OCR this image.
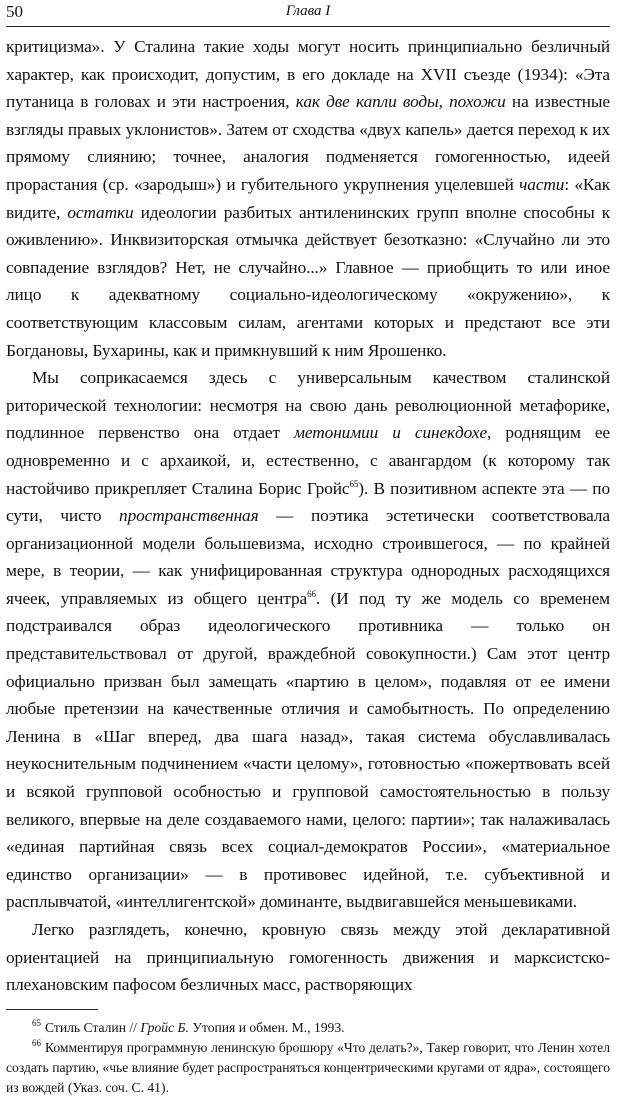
50	Глава I

критицизма». У Сталина такие ходы могут носить принципиально безличный характер, как происходит, допустим, в его докладе на XVII съезде (1934): «Эта путаница в головах и эти настроения, как две капли воды, похожи на известные взгляды правых уклонистов». Затем от сходства «двух капель» дается переход к их прямому слиянию; точнее, аналогия подменяется гомогенностью, идеей прорастания (ср. «зародыш») и губительного укрупнения уцелевшей части: «Как видите, остатки идеологии разбитых антиленинских групп вполне способны к оживлению». Инквизиторская отмычка действует безотказно: «Случайно ли это совпадение взглядов? Нет, не случайно...» Главное — приобщить то или иное лицо к адекватному социально-идеологическому «окружению», к соответствующим классовым силам, агентами которых и предстают все эти Богдановы, Бухарины, как и примкнувший к ним Ярошенко.

Мы соприкасаемся здесь с универсальным качеством сталинской риторической технологии: несмотря на свою дань революционной метафорике, подлинное первенство она отдает метонимии и синекдохе, роднящим ее одновременно и с архаикой, и, естественно, с авангардом (к которому так настойчиво прикрепляет Сталина Борис Гройс$^{65}$). В позитивном аспекте эта — по сути, чисто пространственная — поэтика эстетически соответствовала организационной модели большевизма, исходно строившегося, — по крайней мере, в теории, — как унифицированная структура однородных расходящихся ячеек, управляемых из общего центра$^{66}$. (И под ту же модель со временем подстраивался образ идеологического противника — только он представительствовал от другой, враждебной совокупности.) Сам этот центр официально призван был замещать «партию в целом», подавляя от ее имени любые претензии на качественные отличия и самобытность. По определению Ленина в «Шаг вперед, два шага назад», такая система обуславливалась неукоснительным подчинением «части целому», готовностью «пожертвовать всей и всякой групповой особностью и групповой самостоятельностью в пользу великого, впервые на деле создаваемого нами, целого: партии»; так налаживалась «единая партийная связь всех социал-демократов России», «материальное единство организации» — в противовес идейной, т.е. субъективной и расплывчатой, «интеллигентской» доминанте, выдвигавшейся меньшевиками.

Легко разглядеть, конечно, кровную связь между этой декларативной ориентацией на принципиальную гомогенность движения и марксистско-плехановским пафосом безличных масс, растворяющих

$^{65}$ Стиль Сталин // Гройс Б. Утопия и обмен. М., 1993.

$^{66}$ Комментируя программную ленинскую брошюру «Что делать?», Такер говорит, что Ленин хотел создать партию, «чье влияние будет распространяться концентрическими кругами от ядра», состоящего из вождей (Указ. соч. С. 41).
